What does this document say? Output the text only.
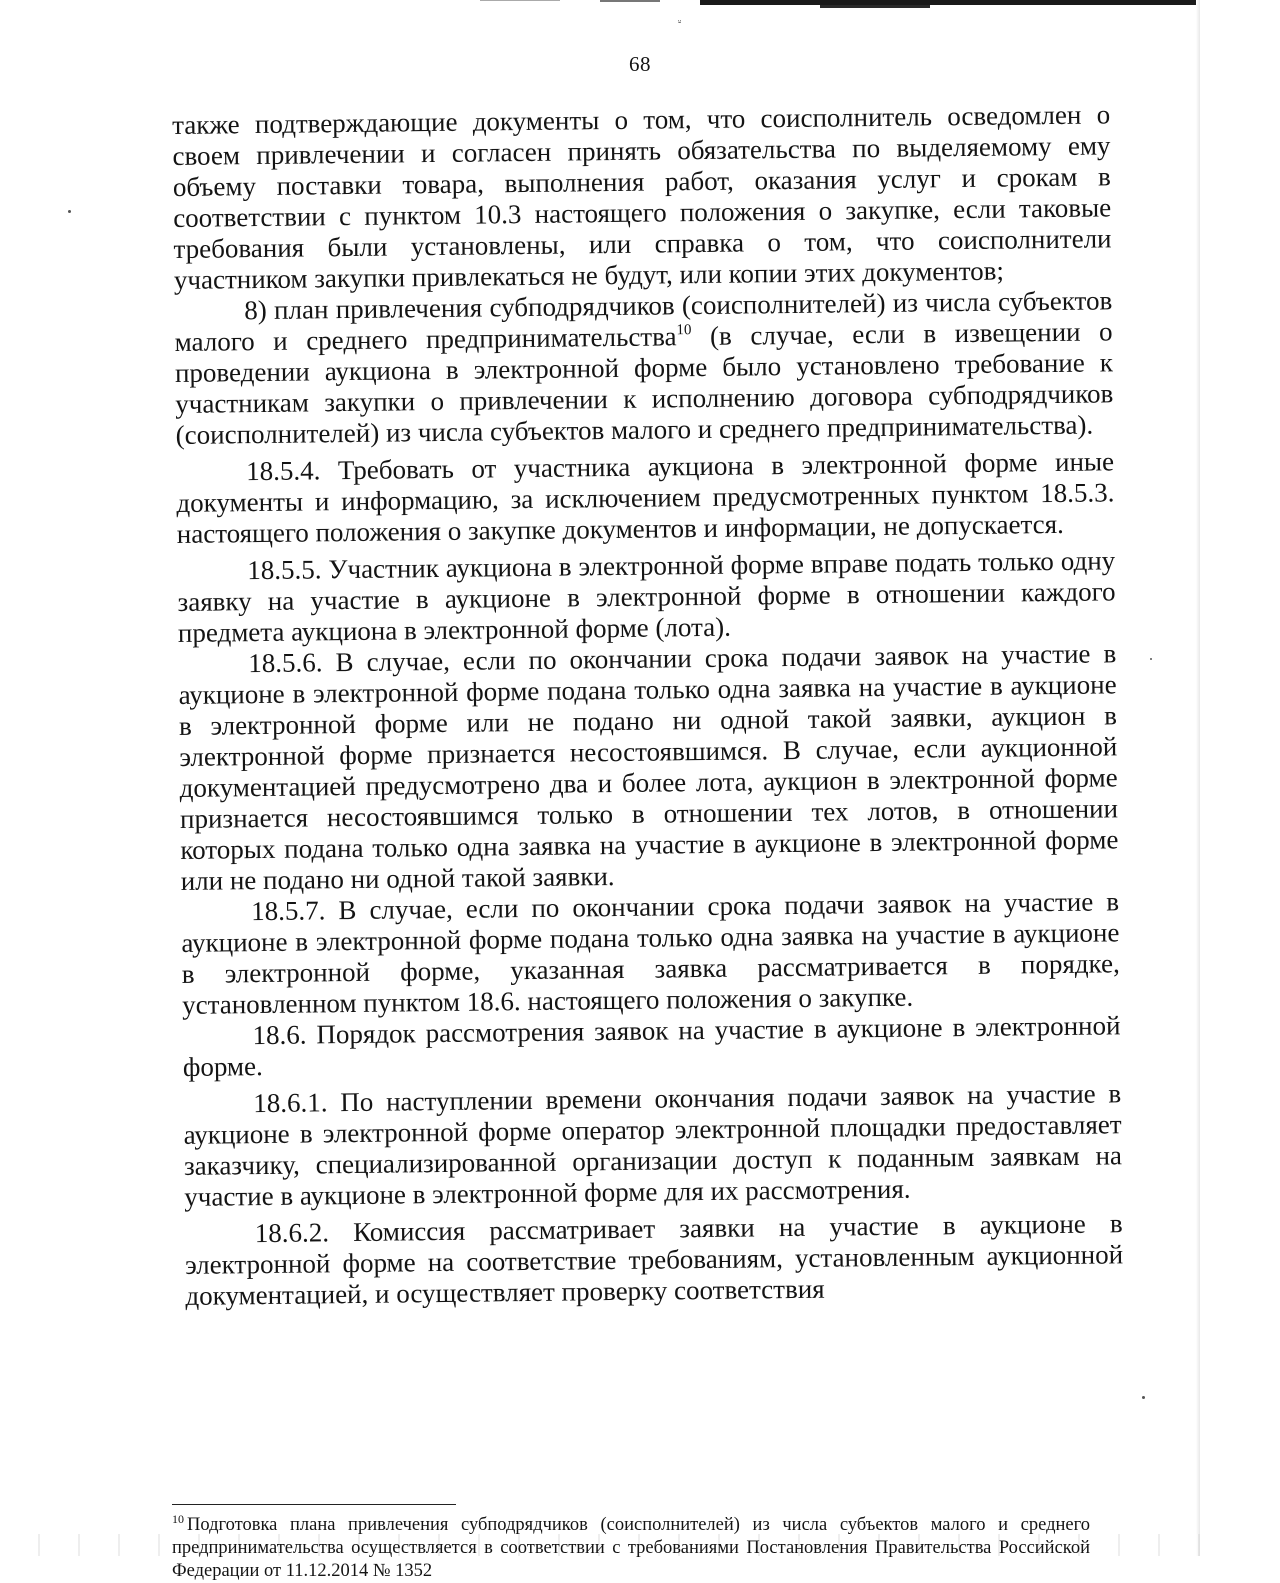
⸚
68

также подтверждающие документы о том, что соисполнитель осведомлен о своем привлечении и согласен принять обязательства по выделяемому ему объему поставки товара, выполнения работ, оказания услуг и срокам в соответствии с пунктом 10.3 настоящего положения о закупке, если таковые требования были установлены, или справка о том, что соисполнители участником закупки привлекаться не будут, или копии этих документов;

8) план привлечения субподрядчиков (соисполнителей) из числа субъектов малого и среднего предпринимательства$^{10}$ (в случае, если в извещении о проведении аукциона в электронной форме было установлено требование к участникам закупки о привлечении к исполнению договора субподрядчиков (соисполнителей) из числа субъектов малого и среднего предпринимательства).

18.5.4. Требовать от участника аукциона в электронной форме иные документы и информацию, за исключением предусмотренных пунктом 18.5.3. настоящего положения о закупке документов и информации, не допускается.

18.5.5. Участник аукциона в электронной форме вправе подать только одну заявку на участие в аукционе в электронной форме в отношении каждого предмета аукциона в электронной форме (лота).

18.5.6. В случае, если по окончании срока подачи заявок на участие в аукционе в электронной форме подана только одна заявка на участие в аукционе в электронной форме или не подано ни одной такой заявки, аукцион в электронной форме признается несостоявшимся. В случае, если аукционной документацией предусмотрено два и более лота, аукцион в электронной форме признается несостоявшимся только в отношении тех лотов, в отношении которых подана только одна заявка на участие в аукционе в электронной форме или не подано ни одной такой заявки.

18.5.7. В случае, если по окончании срока подачи заявок на участие в аукционе в электронной форме подана только одна заявка на участие в аукционе в электронной форме, указанная заявка рассматривается в порядке, установленном пунктом 18.6. настоящего положения о закупке.

18.6. Порядок рассмотрения заявок на участие в аукционе в электронной форме.

18.6.1. По наступлении времени окончания подачи заявок на участие в аукционе в электронной форме оператор электронной площадки предоставляет заказчику, специализированной организации доступ к поданным заявкам на участие в аукционе в электронной форме для их рассмотрения.

18.6.2. Комиссия рассматривает заявки на участие в аукционе в электронной форме на соответствие требованиям, установленным аукционной документацией, и осуществляет проверку соответствия

$^{10}$ Подготовка плана привлечения субподрядчиков (соисполнителей) из числа субъектов малого и среднего предпринимательства осуществляется в соответствии с требованиями Постановления Правительства Российской Федерации от 11.12.2014 № 1352
